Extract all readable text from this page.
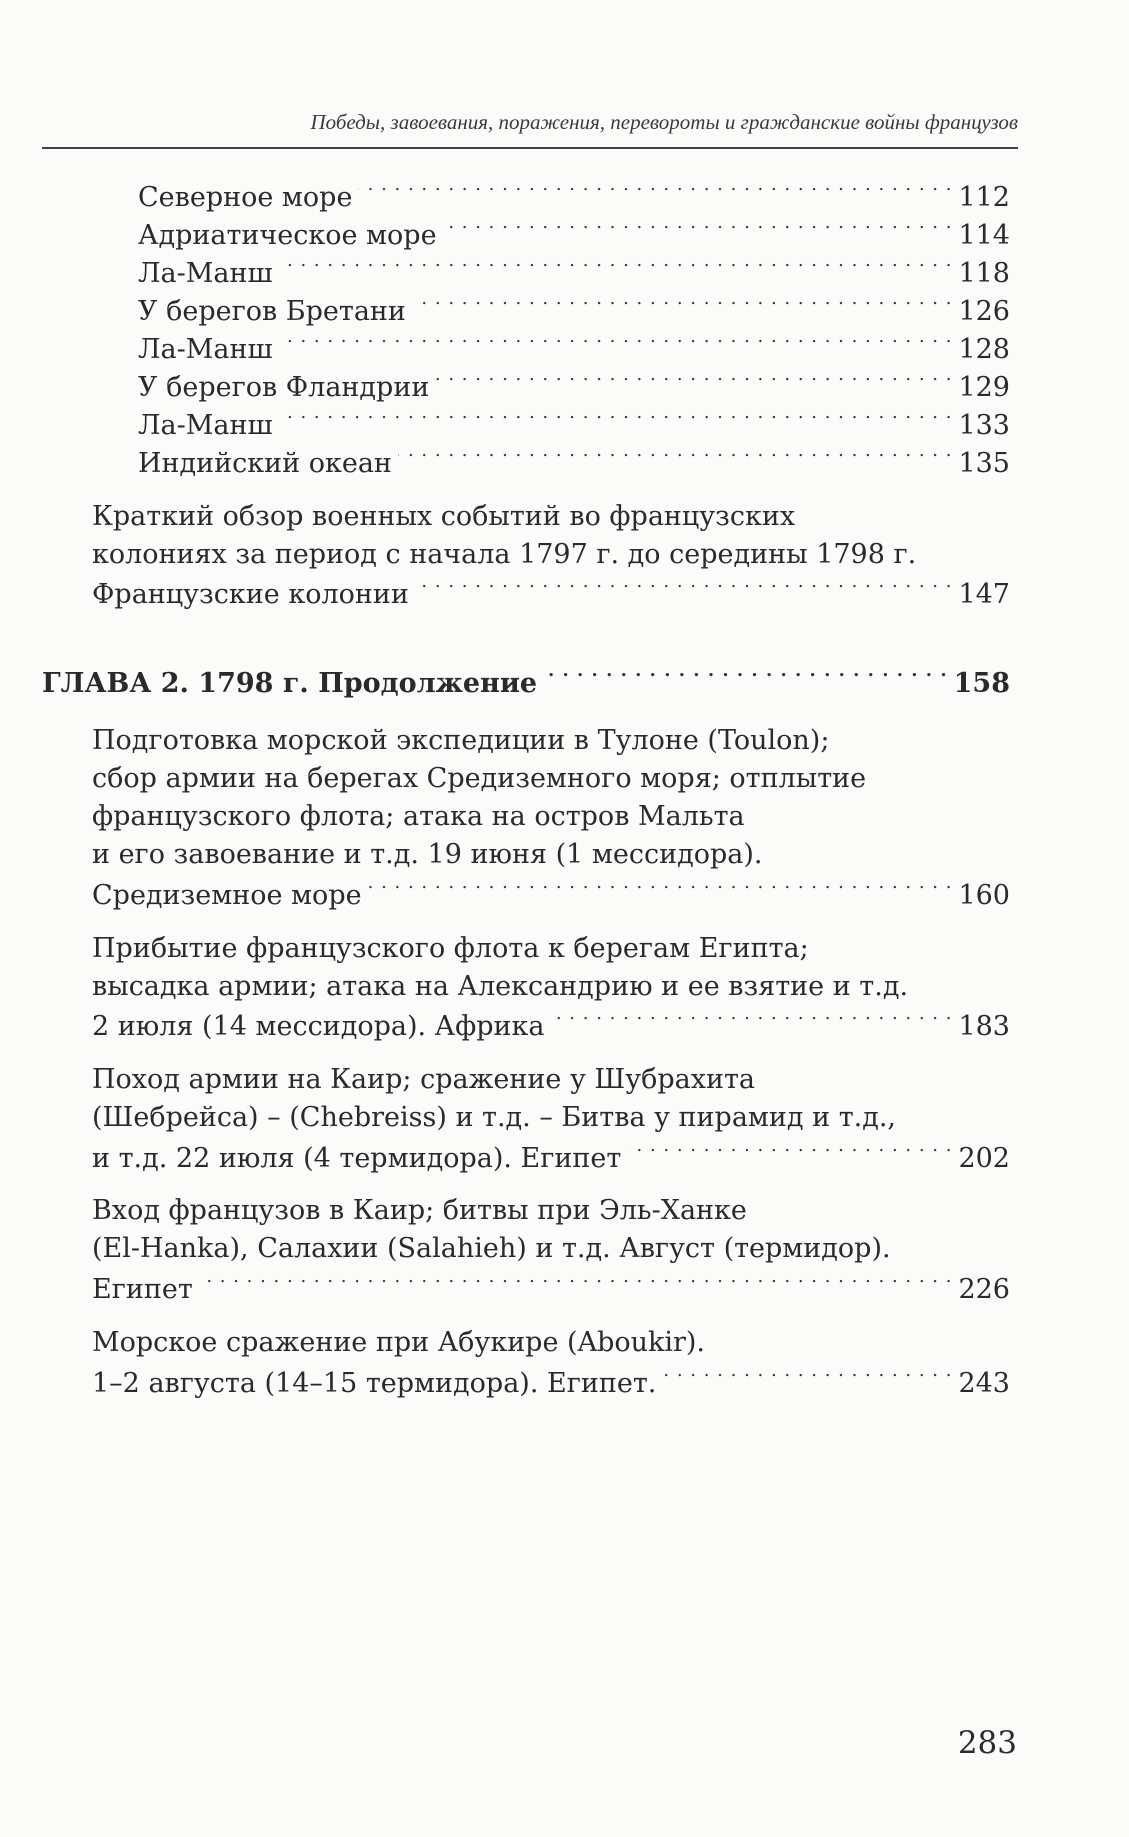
Победы, завоевания, поражения, перевороты и гражданские войны французов
Северное море . . .	112
Адриатическое море . . .	114
Ла-Манш . . .	118
У берегов Бретани . . .	126
Ла-Манш . . .	128
У берегов Фландрии . . .	129
Ла-Манш . . .	133
Индийский океан . . .	135
Краткий обзор военных событий во французских
колониях за период с начала 1797 г. до середины 1798 г.
Французские колонии . . .	147
ГЛАВА 2. 1798 г. Продолжение . . .	158
Подготовка морской экспедиции в Тулоне (Toulon);
сбор армии на берегах Средиземного моря; отплытие
французского флота; атака на остров Мальта
и его завоевание и т.д. 19 июня (1 мессидора).
Средиземное море . . .	160
Прибытие французского флота к берегам Египта;
высадка армии; атака на Александрию и ее взятие и т.д.
2 июля (14 мессидора). Африка . . .	183
Поход армии на Каир; сражение у Шубрахита
(Шебрейса) – (Chebreiss) и т.д. – Битва у пирамид и т.д.,
и т.д. 22 июля (4 термидора). Египет . . .	202
Вход французов в Каир; битвы при Эль-Ханке
(El-Hanka), Салахии (Salahieh) и т.д. Август (термидор).
Египет . . .	226
Морское сражение при Абукире (Aboukir).
1–2 августа (14–15 термидора). Египет. . . .	243
283
